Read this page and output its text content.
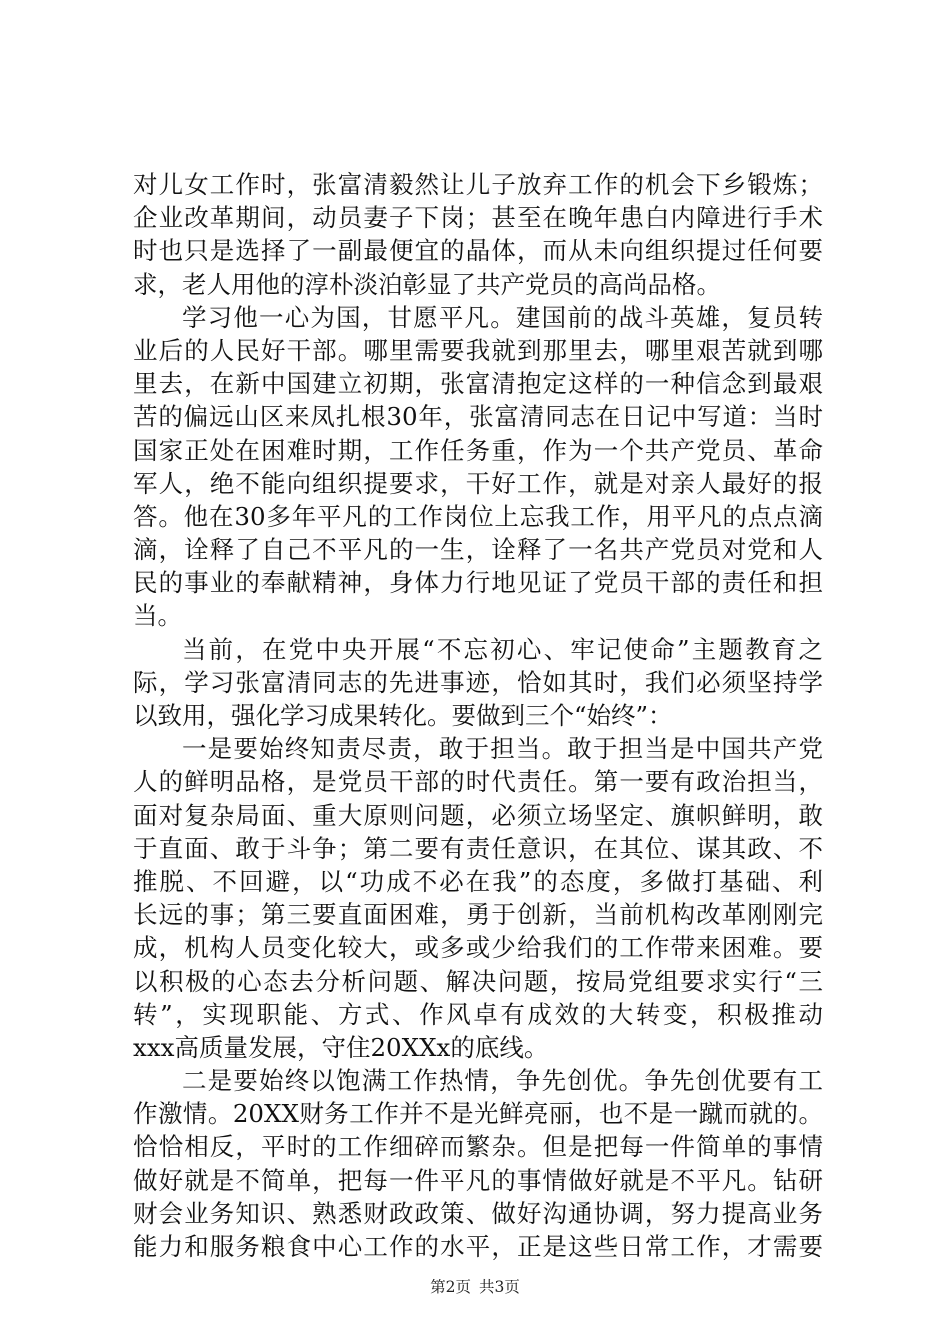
对儿女工作时，张富清毅然让儿子放弃工作的机会下乡锻炼；
企业改革期间，动员妻子下岗；甚至在晚年患白内障进行手术
时也只是选择了一副最便宜的晶体，而从未向组织提过任何要
求，老人用他的淳朴淡泊彰显了共产党员的高尚品格。
学习他一心为国，甘愿平凡。建国前的战斗英雄，复员转
业后的人民好干部。哪里需要我就到那里去，哪里艰苦就到哪
里去，在新中国建立初期，张富清抱定这样的一种信念到最艰
苦的偏远山区来凤扎根30年，张富清同志在日记中写道：当时
国家正处在困难时期，工作任务重，作为一个共产党员、革命
军人，绝不能向组织提要求，干好工作，就是对亲人最好的报
答。他在30多年平凡的工作岗位上忘我工作，用平凡的点点滴
滴，诠释了自己不平凡的一生，诠释了一名共产党员对党和人
民的事业的奉献精神，身体力行地见证了党员干部的责任和担
当。
当前，在党中央开展“不忘初心、牢记使命”主题教育之
际，学习张富清同志的先进事迹，恰如其时，我们必须坚持学
以致用，强化学习成果转化。要做到三个“始终”：
一是要始终知责尽责，敢于担当。敢于担当是中国共产党
人的鲜明品格，是党员干部的时代责任。第一要有政治担当，
面对复杂局面、重大原则问题，必须立场坚定、旗帜鲜明，敢
于直面、敢于斗争；第二要有责任意识，在其位、谋其政、不
推脱、不回避，以“功成不必在我”的态度，多做打基础、利
长远的事；第三要直面困难，勇于创新，当前机构改革刚刚完
成，机构人员变化较大，或多或少给我们的工作带来困难。要
以积极的心态去分析问题、解决问题，按局党组要求实行“三
转”，实现职能、方式、作风卓有成效的大转变，积极推动
xxx高质量发展，守住20XXx的底线。
二是要始终以饱满工作热情，争先创优。争先创优要有工
作激情。20XX财务工作并不是光鲜亮丽，也不是一蹴而就的。
恰恰相反，平时的工作细碎而繁杂。但是把每一件简单的事情
做好就是不简单，把每一件平凡的事情做好就是不平凡。钻研
财会业务知识、熟悉财政政策、做好沟通协调，努力提高业务
能力和服务粮食中心工作的水平，正是这些日常工作，才需要
第2页 共3页
